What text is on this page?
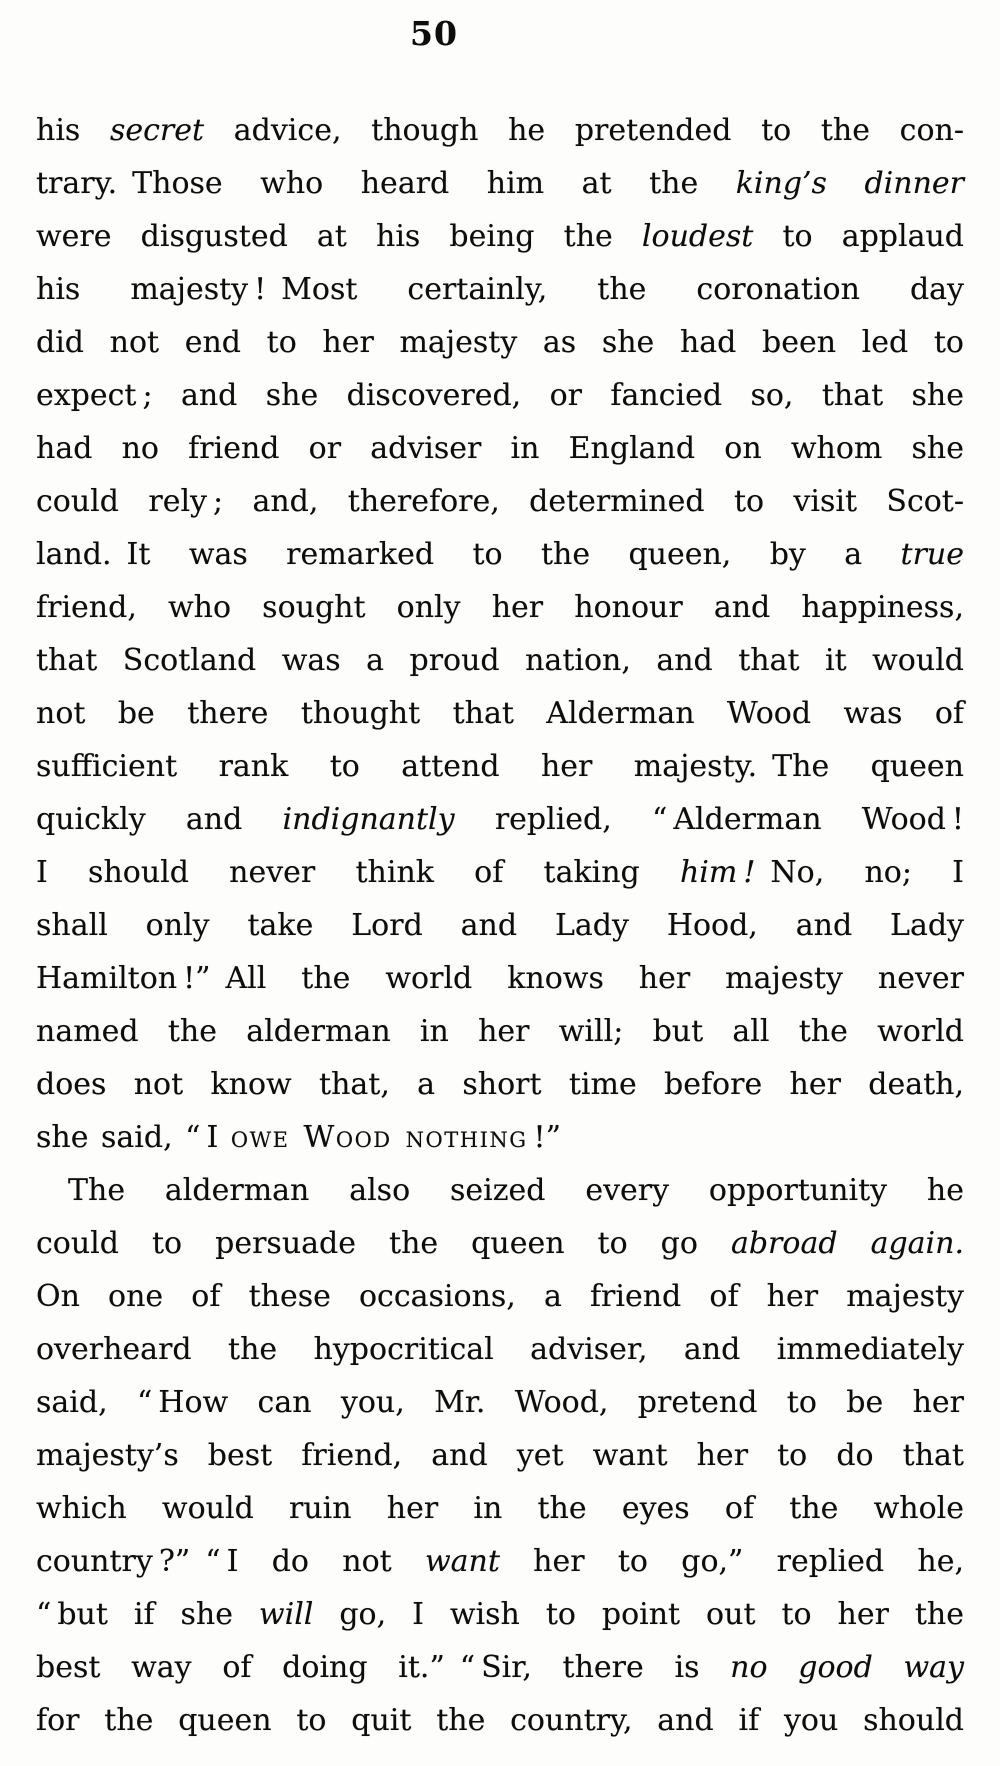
50
his secret advice, though he pretended to the con-
trary. Those who heard him at the king’s dinner
were disgusted at his being the loudest to applaud
his majesty ! Most certainly, the coronation day
did not end to her majesty as she had been led to
expect ; and she discovered, or fancied so, that she
had no friend or adviser in England on whom she
could rely ; and, therefore, determined to visit Scot-
land. It was remarked to the queen, by a true
friend, who sought only her honour and happiness,
that Scotland was a proud nation, and that it would
not be there thought that Alderman Wood was of
sufficient rank to attend her majesty. The queen
quickly and indignantly replied, “ Alderman Wood !
I should never think of taking him ! No, no; I
shall only take Lord and Lady Hood, and Lady
Hamilton !” All the world knows her majesty never
named the alderman in her will; but all the world
does not know that, a short time before her death,
she said, “ I owe Wood nothing !”
The alderman also seized every opportunity he
could to persuade the queen to go abroad again.
On one of these occasions, a friend of her majesty
overheard the hypocritical adviser, and immediately
said, “ How can you, Mr. Wood, pretend to be her
majesty’s best friend, and yet want her to do that
which would ruin her in the eyes of the whole
country ?” “ I do not want her to go,” replied he,
“ but if she will go, I wish to point out to her the
best way of doing it.” “ Sir, there is no good way
for the queen to quit the country, and if you should
